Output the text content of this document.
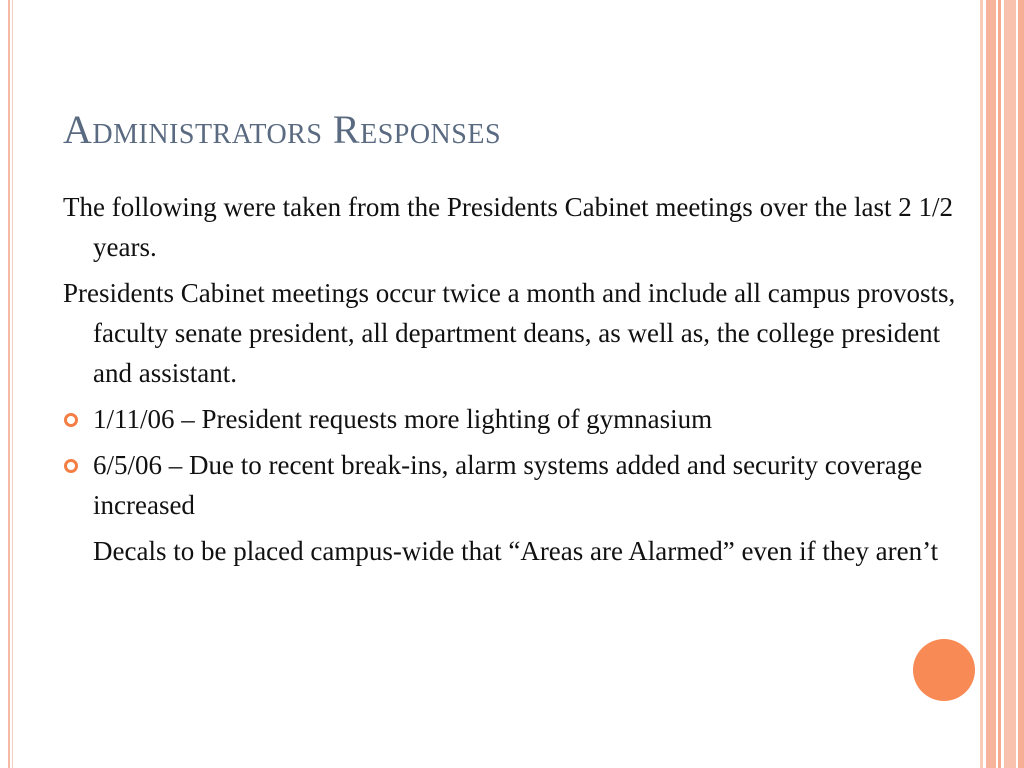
Administrators Responses

The following were taken from the Presidents Cabinet meetings over the last 2 1/2 years.

Presidents Cabinet meetings occur twice a month and include all campus provosts, faculty senate president, all department deans, as well as, the college president and assistant.

1/11/06 – President requests more lighting of gymnasium
6/5/06 – Due to recent break-ins, alarm systems added and security coverage increased

Decals to be placed campus-wide that “Areas are Alarmed” even if they aren’t
